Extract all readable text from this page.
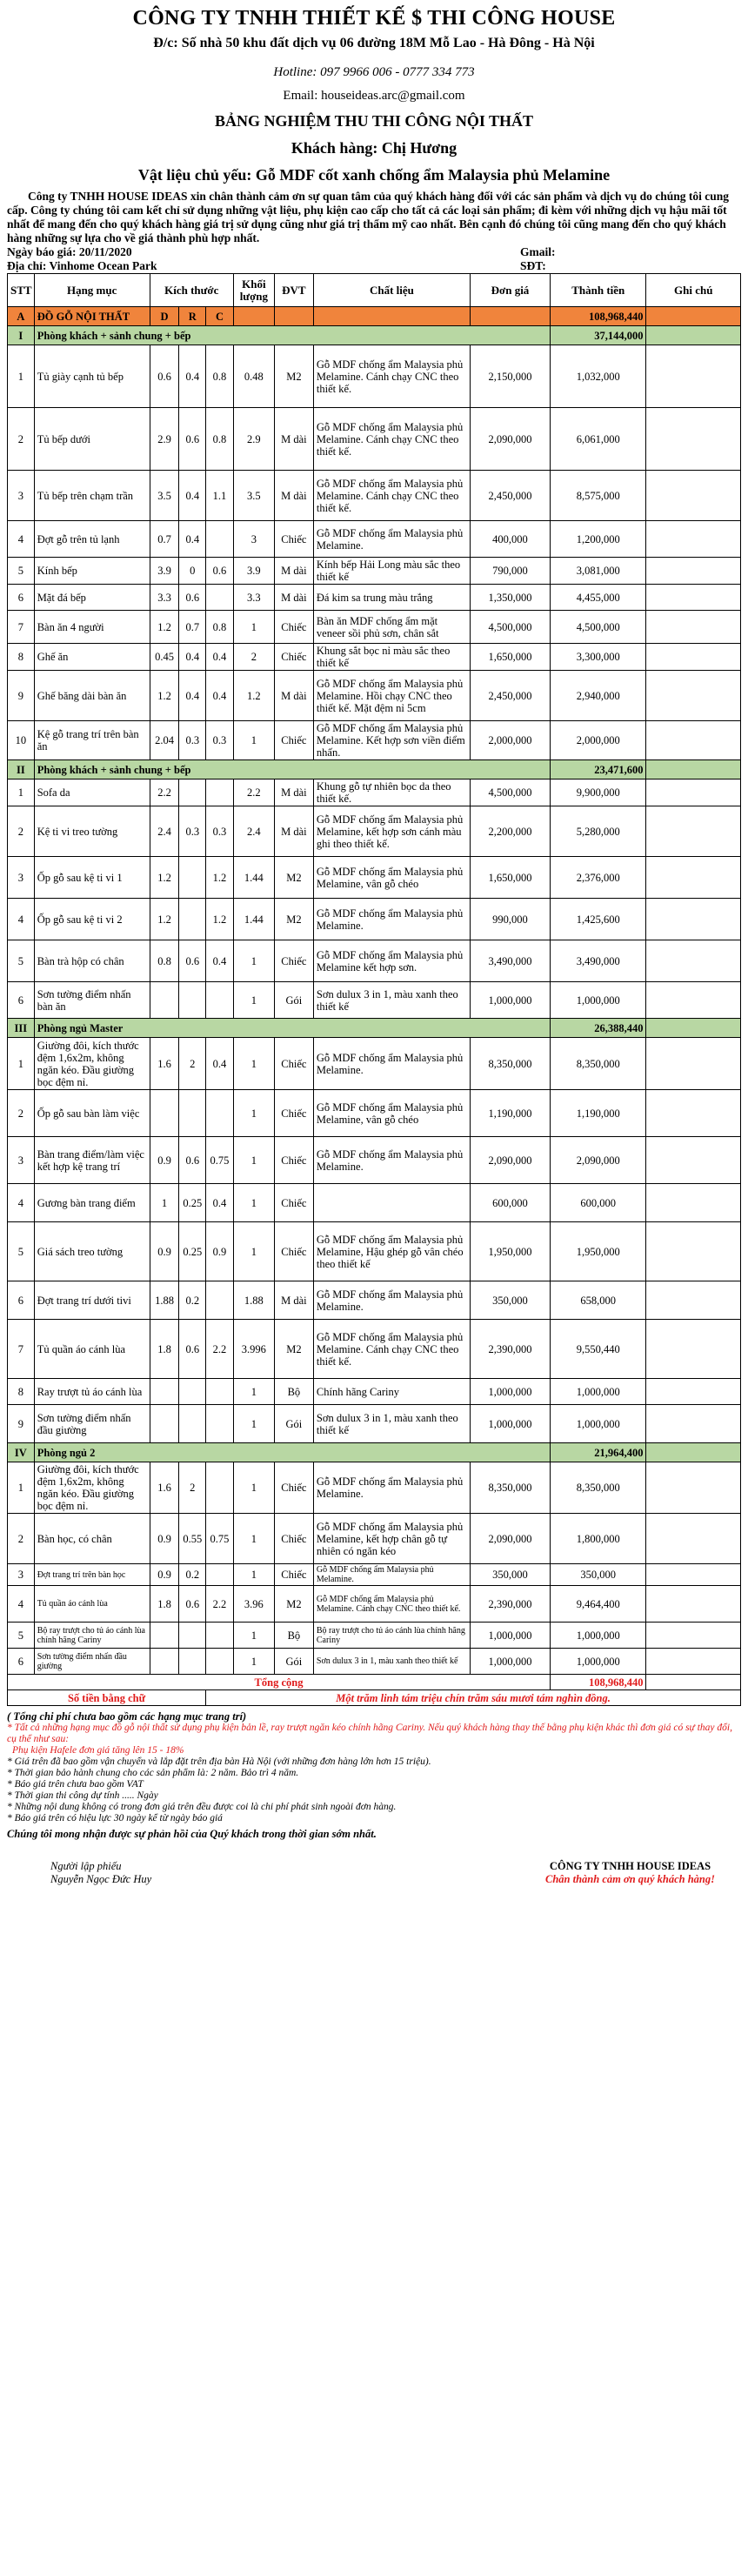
CÔNG TY TNHH THIẾT KẾ $ THI CÔNG HOUSE
Đ/c: Số nhà 50 khu đất dịch vụ 06 đường 18M Mỗ Lao - Hà Đông - Hà Nội
Hotline: 097 9966 006 - 0777 334 773
Email: houseideas.arc@gmail.com
BẢNG NGHIỆM THU THI CÔNG NỘI THẤT
Khách hàng: Chị Hương
Vật liệu chủ yếu: Gỗ MDF cốt xanh chống ẩm Malaysia phủ Melamine
Công ty TNHH HOUSE IDEAS xin chân thành cảm ơn sự quan tâm của quý khách hàng đối với các sản phẩm và dịch vụ do chúng tôi cung cấp. Công ty chúng tôi cam kết chỉ sử dụng những vật liệu, phụ kiện cao cấp cho tất cả các loại sản phẩm; đi kèm với những dịch vụ hậu mãi tốt nhất để mang đến cho quý khách hàng giá trị sử dụng cũng như giá trị thẩm mỹ cao nhất. Bên cạnh đó chúng tôi cũng mang đến cho quý khách hàng những sự lựa cho về giá thành phù hợp nhất.
Ngày báo giá: 20/11/2020	Gmail:
Địa chỉ: Vinhome Ocean Park	SĐT:
STT	Hạng mục	Kích thước			Khối lượng	ĐVT	Chất liệu	Đơn giá	Thành tiền	Ghi chú
A	ĐỒ GỖ NỘI THẤT	D	R	C					108,968,440	
I	Phòng khách + sảnh chung + bếp								37,144,000	
1	Tủ giày cạnh tủ bếp	0.6	0.4	0.8	0.48	M2	Gỗ MDF chống ẩm Malaysia phủ Melamine. Cánh chạy CNC theo thiết kế.	2,150,000	1,032,000	
2	Tủ bếp dưới	2.9	0.6	0.8	2.9	M dài	Gỗ MDF chống ẩm Malaysia phủ Melamine. Cánh chạy CNC theo thiết kế.	2,090,000	6,061,000	
3	Tủ bếp trên chạm trần	3.5	0.4	1.1	3.5	M dài	Gỗ MDF chống ẩm Malaysia phủ Melamine. Cánh chạy CNC theo thiết kế.	2,450,000	8,575,000	
4	Đợt gỗ trên tủ lạnh	0.7	0.4		3	Chiếc	Gỗ MDF chống ẩm Malaysia phủ Melamine.	400,000	1,200,000	
5	Kính bếp	3.9	0	0.6	3.9	M dài	Kính bếp Hải Long màu sắc theo thiết kế	790,000	3,081,000	
6	Mặt đá bếp	3.3	0.6		3.3	M dài	Đá kim sa trung màu trắng	1,350,000	4,455,000	
7	Bàn ăn 4 người	1.2	0.7	0.8	1	Chiếc	Bàn ăn MDF chống ẩm mặt veneer sồi phủ sơn, chân sắt	4,500,000	4,500,000	
8	Ghế ăn	0.45	0.4	0.4	2	Chiếc	Khung sắt bọc nỉ màu sắc theo thiết kế	1,650,000	3,300,000	
9	Ghế băng dài bàn ăn	1.2	0.4	0.4	1.2	M dài	Gỗ MDF chống ẩm Malaysia phủ Melamine. Hồi chạy CNC theo thiết kế. Mặt đệm nỉ 5cm	2,450,000	2,940,000	
10	Kệ gỗ trang trí trên bàn ăn	2.04	0.3	0.3	1	Chiếc	Gỗ MDF chống ẩm Malaysia phủ Melamine. Kết hợp sơn viền điểm nhấn.	2,000,000	2,000,000	
II	Phòng khách + sảnh chung + bếp								23,471,600	
1	Sofa da	2.2			2.2	M dài	Khung gỗ tự nhiên bọc da theo thiết kế.	4,500,000	9,900,000	
2	Kệ ti vi treo tường	2.4	0.3	0.3	2.4	M dài	Gỗ MDF chống ẩm Malaysia phủ Melamine, kết hợp sơn cánh màu ghi theo thiết kế.	2,200,000	5,280,000	
3	Ốp gỗ sau kệ ti vi 1	1.2		1.2	1.44	M2	Gỗ MDF chống ẩm Malaysia phủ Melamine, vân gỗ chéo	1,650,000	2,376,000	
4	Ốp gỗ sau kệ ti vi 2	1.2		1.2	1.44	M2	Gỗ MDF chống ẩm Malaysia phủ Melamine.	990,000	1,425,600	
5	Bàn trà hộp có chân	0.8	0.6	0.4	1	Chiếc	Gỗ MDF chống ẩm Malaysia phủ Melamine kết hợp sơn.	3,490,000	3,490,000	
6	Sơn tường điểm nhấn bàn ăn				1	Gói	Sơn dulux 3 in 1, màu xanh theo thiết kế	1,000,000	1,000,000	
III	Phòng ngủ Master								26,388,440	
1	Giường đôi, kích thước đệm 1,6x2m, không ngăn kéo. Đầu giường bọc đệm nỉ.	1.6	2	0.4	1	Chiếc	Gỗ MDF chống ẩm Malaysia phủ Melamine.	8,350,000	8,350,000	
2	Ốp gỗ sau bàn làm việc				1	Chiếc	Gỗ MDF chống ẩm Malaysia phủ Melamine, vân gỗ chéo	1,190,000	1,190,000	
3	Bàn trang điểm/làm việc kết hợp kệ trang trí	0.9	0.6	0.75	1	Chiếc	Gỗ MDF chống ẩm Malaysia phủ Melamine.	2,090,000	2,090,000	
4	Gương bàn trang điểm	1	0.25	0.4	1	Chiếc		600,000	600,000	
5	Giá sách treo tường	0.9	0.25	0.9	1	Chiếc	Gỗ MDF chống ẩm Malaysia phủ Melamine, Hậu ghép gỗ vân chéo theo thiết kế	1,950,000	1,950,000	
6	Đợt trang trí dưới tivi	1.88	0.2		1.88	M dài	Gỗ MDF chống ẩm Malaysia phủ Melamine.	350,000	658,000	
7	Tủ quần áo cánh lùa	1.8	0.6	2.2	3.996	M2	Gỗ MDF chống ẩm Malaysia phủ Melamine. Cánh chạy CNC theo thiết kế.	2,390,000	9,550,440	
8	Ray trượt tủ áo cánh lùa				1	Bộ	Chính hãng Cariny	1,000,000	1,000,000	
9	Sơn tường điểm nhấn đầu giường				1	Gói	Sơn dulux 3 in 1, màu xanh theo thiết kế	1,000,000	1,000,000	
IV	Phòng ngủ 2								21,964,400	
1	Giường đôi, kích thước đệm 1,6x2m, không ngăn kéo. Đầu giường bọc đệm nỉ.	1.6	2		1	Chiếc	Gỗ MDF chống ẩm Malaysia phủ Melamine.	8,350,000	8,350,000	
2	Bàn học, có chân	0.9	0.55	0.75	1	Chiếc	Gỗ MDF chống ẩm Malaysia phủ Melamine, kết hợp chân gỗ tự nhiên có ngăn kéo	2,090,000	1,800,000	
3	Đợt trang trí trên bàn học	0.9	0.2		1	Chiếc	Gỗ MDF chống ẩm Malaysia phủ Melamine.	350,000	350,000	
4	Tủ quần áo cánh lùa	1.8	0.6	2.2	3.96	M2	Gỗ MDF chống ẩm Malaysia phủ Melamine. Cánh chạy CNC theo thiết kế.	2,390,000	9,464,400	
5	Bộ ray trượt cho tủ áo cánh lùa chính hãng Cariny				1	Bộ	Bộ ray trượt cho tủ áo cánh lùa chính hãng Cariny	1,000,000	1,000,000	
6	Sơn tường điểm nhấn đầu giường				1	Gói	Sơn dulux 3 in 1, màu xanh theo thiết kế	1,000,000	1,000,000	
Tổng cộng									108,968,440	
Số tiền bằng chữ				Một trăm linh tám triệu chín trăm sáu mươi tám nghìn đồng.						
( Tổng chi phí chưa bao gồm các hạng mục trang trí)
* Tất cả những hạng mục đồ gỗ nội thất sử dụng phụ kiện bản lề, ray trượt ngăn kéo chính hãng Cariny. Nếu quý khách hàng thay thế bằng phụ kiện khác thì đơn giá có sự thay đổi, cụ thể như sau:
Phụ kiện Hafele đơn giá tăng lên 15 - 18%
* Giá trên đã bao gồm vận chuyển và lắp đặt trên địa bàn Hà Nội (với những đơn hàng lớn hơn 15 triệu).
* Thời gian bảo hành chung cho các sản phẩm là: 2 năm. Bảo trì 4 năm.
* Báo giá trên chưa bao gồm VAT
* Thời gian thi công dự tính ..... Ngày
* Những nội dung không có trong đơn giá trên đều được coi là chi phí phát sinh ngoài đơn hàng.
* Báo giá trên có hiệu lực 30 ngày kể từ ngày báo giá
Chúng tôi mong nhận được sự phản hồi của Quý khách trong thời gian sớm nhất.
Người lập phiếu
Nguyễn Ngọc Đức Huy
CÔNG TY TNHH HOUSE IDEAS
Chân thành cảm ơn quý khách hàng!
